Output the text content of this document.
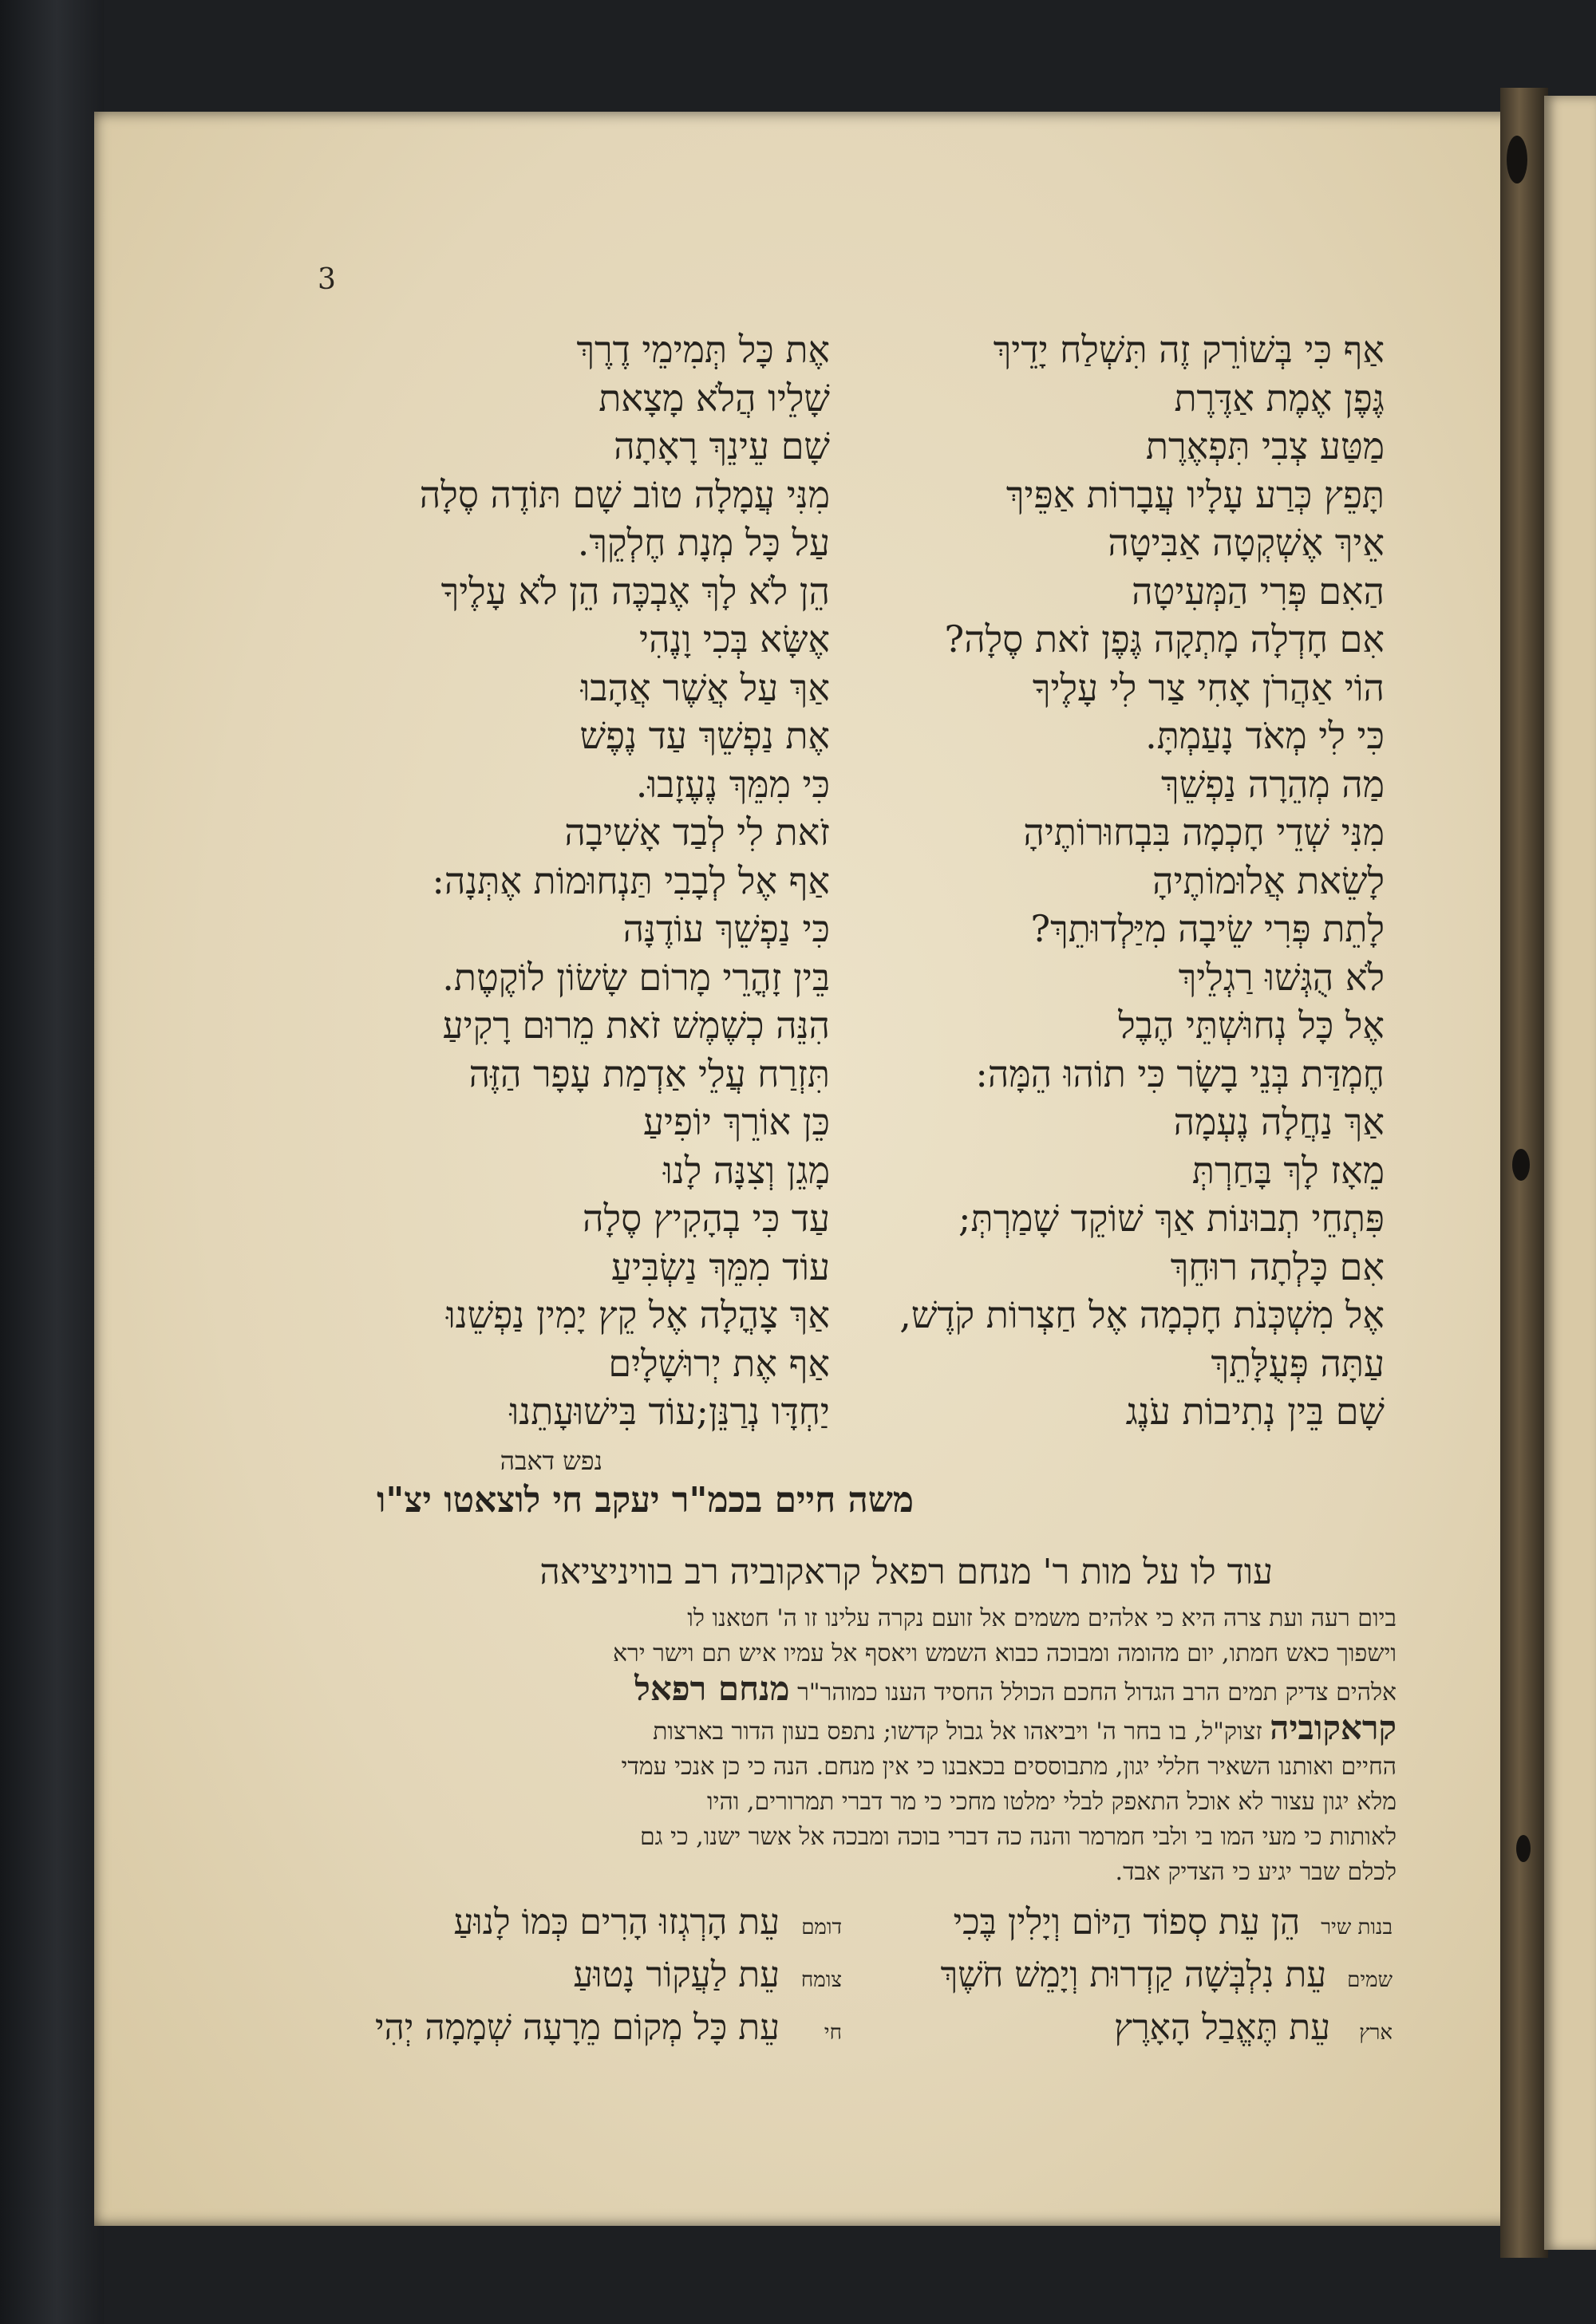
3
אַף כִּי בְּשׁוֹרֵק זֶה תִּשְׁלַח יָדֵיךְ
גֶּפֶן אֶמֶת אַדֶּרֶת
מַטַּע צְבִי תִּפְאֶרֶת
תָּפֵץ כְּרַע עָלָיו עֲבָרוֹת אַפֵּיךְ
אֵיךְ אֶשְׁקְטָה אַבִּיטָה
הַאִם פְּרִי הַמְּעִיטָה
אִם חָדְלָה מָתְקָה גֶּפֶן זֹאת סֶלָה?
הוֹי אַהֲרֹן אָחִי צַר לִי עָלֶיךָ
כִּי לִי מְאֹד נָעַמְתָּ.
מַה מְהֵרָה נַפְשֵׁךְ
מִנִּי שְׁדֵי חָכְמָה בִּבְחוּרוֹתֶיהָ
לָשֵׂאת אֲלוּמוֹתֶיהָ
לָתֵת פְּרִי שֵׂיבָה מִיַּלְדוּתֵךְ?
לֹא הֻגְּשׁוּ רַגְלֵיךְ
אֶל כָּל נְחוּשְׁתֵּי הֶבֶל
חֶמְדַּת בְּנֵי בָשָׂר כִּי תוֹהוּ הֵמָּה:
אַךְ נַחֲלָה נֶעְמָה
מֵאָז לָךְ בָּחַרְתְּ
פִּתְחֵי תְבוּנוֹת אַךְ שׁוֹקֵד שָׁמַרְתְּ;
אִם כָּלְתָה רוּחֵךְ
אֶל מִשְׁכְּנֹת חָכְמָה אֶל חַצְרוֹת קֹדֶשׁ,
עַתָּה פְּעֻלָּתֵךְ
שָׁם בֵּין נְתִיבוֹת עֹנֶג
אֶת כָּל תְּמִימֵי דֶרֶךְ
שָׁלֵיו הֲלֹא מָצָאת
שָׁם עֵינֵךְ רָאָתָה
מִנִּי עֲמָלָה טוֹב שָׁם תּוֹדֶה סֶלָה
עַל כָּל מְנָת חֶלְקֵךְ.
הֵן לֹא לָךְ אֶבְכֶּה הֵן לֹא עָלֶיךָ
אֶשָּׂא בְּכִי וָנֶהִי
אַךְ עַל אֲשֶׁר אֲהָבוּ
אֶת נַפְשֵׁךְ עַד נֶפֶשׁ
כִּי מִמֵּךְ נֶעֶזָבוּ.
זֹאת לִי לְבַד אָשִׁיבָה
אַף אֶל לְבָבִי תַּנְחוּמוֹת אֶתְּנָה:
כִּי נַפְשֵׁךְ עוֹדֶנָּה
בֵּין זָהֳרֵי מָרוֹם שָׂשׂוֹן לוֹקֶטֶת.
הִנֵּה כְשֶׁמֶשׁ זֹאת מֵרוּם רָקִיעַ
תִּזְרַח עֲלֵי אַדְמַת עָפָר הַזֶּה
כֵּן אוֹרֵךְ יוֹפִיעַ
מָגֵן וְצִנָּה לָנוּ
עַד כִּי בְהָקִיץ סֶלָה
עוֹד מִמֵּךְ נַשְׂבִּיעַ
אַךְ צָהֳלָה אֶל קֵץ יָמִין נַפְשֵׁנוּ
אַף אֶת יְרוּשָׁלָיִם
יַחְדָּו נְרַנֵּן;עוֹד בִּישׁוּעָתֵנוּ
נפש דאבה
משה חיים בכמ"ר יעקב חי לוצאטו יצ"ו
עוד לו על מות ר' מנחם רפאל קראקוביה רב בוויניציאה
ביום רעה ועת צרה היא כי אלהים משמים אל זועם נקרה עלינו זו ה' חטאנו לו
וישפוך כאש חמתו, יום מהומה ומבוכה כבוא השמש ויאסף אל עמיו איש תם וישר ירא
אלהים צדיק תמים הרב הגדול החכם הכולל החסיד הענו כמוהר"ר מנחם רפאל
קראקוביה זצוק"ל, בו בחר ה' ויביאהו אל גבול קדשו; נתפס בעון הדור בארצות
החיים ואותנו השאיר חללי יגון, מתבוססים בכאבנו כי אין מנחם. הנה כי כן אנכי עמדי
מלא יגון עצור לא אוכל התאפק לבלי ימלטו מחכי כי מר דברי תמרורים, והיו
לאותות כי מעי המו בי ולבי חמרמר והנה כה דברי בוכה ומבכה אל אשר ישנו, כי גם
לכלם שבר יגיע כי הצדיק אבד.
בנות שיר
הֵן עֵת סְפוֹד הַיּוֹם וְיָלִין בֶּכִי
שמים
עֵת נִלְבְּשָׁה קַדְרוּת וְיָמֵשׁ חֹשֶׁךְ
ארץ
עֵת תֶּאֱבַל הָאָרֶץ
דומם
עֵת הָרְגְזוּ הָרִים כְּמוֹ לָנוּעַ
צומח
עֵת לַעֲקוֹר נָטוּעַ
חי
עֵת כָּל מְקוֹם מֵרָעָה שְׁמָמָה יְהִי
